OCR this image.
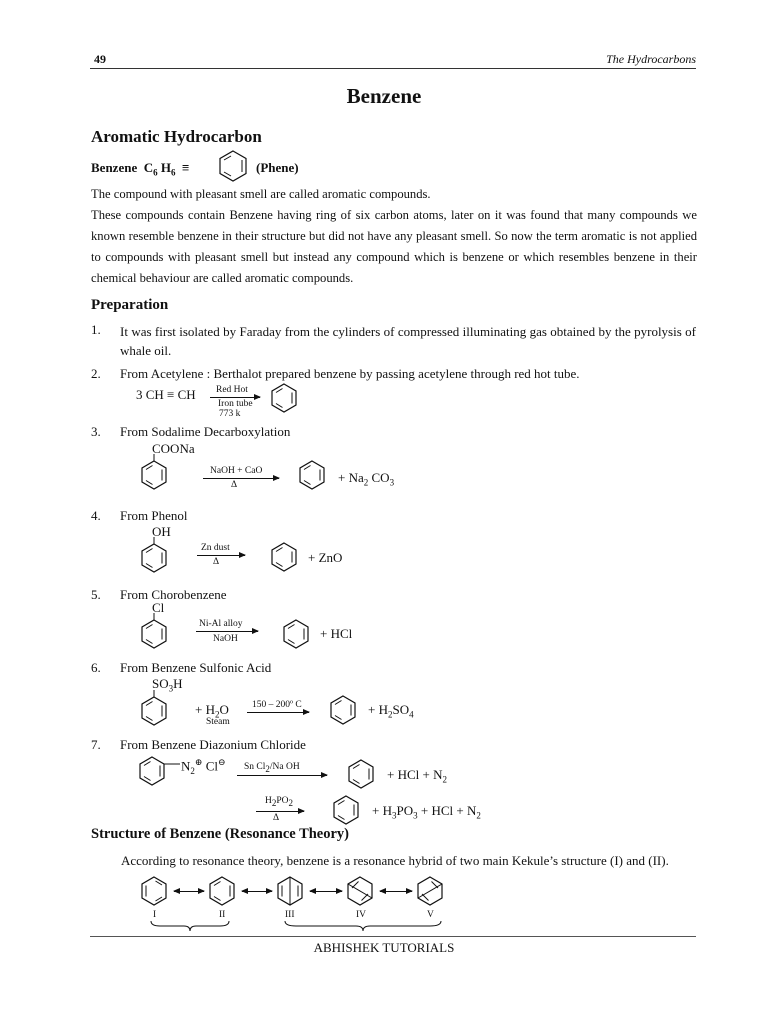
49	The Hydrocarbons
Benzene
Aromatic Hydrocarbon
Benzene $C_6$ $H_6$ ≡	(Phene)
The compound with pleasant smell are called aromatic compounds.
These compounds contain Benzene having ring of six carbon atoms, later on it was found that many compounds we known resemble benzene in their structure but did not have any pleasant smell. So now the term aromatic is not applied to compounds with pleasant smell but instead any compound which is benzene or which resembles benzene in their chemical behaviour are called aromatic compounds.
Preparation
1. It was first isolated by Faraday from the cylinders of compressed illuminating gas obtained by the pyrolysis of whale oil.
2. From Acetylene : Berthalot prepared benzene by passing acetylene through red hot tube.
3 CH ≡ CH Red Hot
Iron tube
773 k
3. From Sodalime Decarboxylation
COONa
NaOH + CaO
Δ	+ $Na_2$ $CO_3$
4. From Phenol
OH
Zn dust
Δ	+ ZnO
5. From Chorobenzene
Cl
Ni-Al alloy
NaOH	+ HCl
6. From Benzene Sulfonic Acid
$SO_3H$
+ $H_2O$
Steam
150 – 200º C	+ $H_2SO_4$
7. From Benzene Diazonium Chloride
$N_2^\oplus$ Cl⊖ Sn $Cl_2/Na$ OH	+ HCl + $N_2$
$H_2PO_2$
Δ	+ $H_3PO_3$ + HCl + $N_2$
Structure of Benzene (Resonance Theory)
According to resonance theory, benzene is a resonance hybrid of two main Kekule’s structure (I) and (II).
I	II	III	IV	V
ABHISHEK TUTORIALS
